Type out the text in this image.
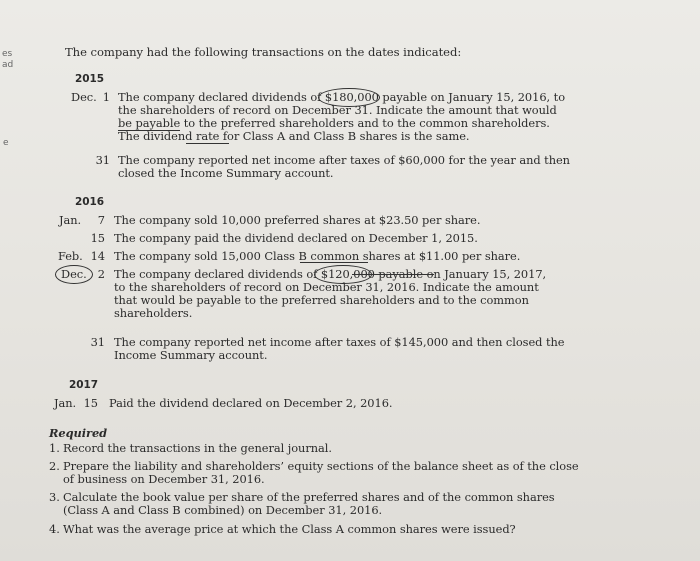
es
ad
e
The company had the following transactions on the dates indicated:
2015
Dec. 1 The company declared dividends of $180,000 payable on January 15, 2016, to
the shareholders of record on December 31. Indicate the amount that would
be payable to the preferred shareholders and to the common shareholders.
The dividend rate for Class A and Class B shares is the same.
31 The company reported net income after taxes of $60,000 for the year and then
closed the Income Summary account.
2016
Jan.	7 The company sold 10,000 preferred shares at $23.50 per share.
15 The company paid the dividend declared on December 1, 2015.
Feb. 14 The company sold 15,000 Class B common shares at $11.00 per share.
Dec. 2 The company declared dividends of $120,000 payable on January 15, 2017,
to the shareholders of record on December 31, 2016. Indicate the amount
that would be payable to the preferred shareholders and to the common
shareholders.
31 The company reported net income after taxes of $145,000 and then closed the
Income Summary account.
2017
Jan. 15 Paid the dividend declared on December 2, 2016.
Required
1. Record the transactions in the general journal.
2. Prepare the liability and shareholders’ equity sections of the balance sheet as of the close
of business on December 31, 2016.
3. Calculate the book value per share of the preferred shares and of the common shares
(Class A and Class B combined) on December 31, 2016.
4. What was the average price at which the Class A common shares were issued?
